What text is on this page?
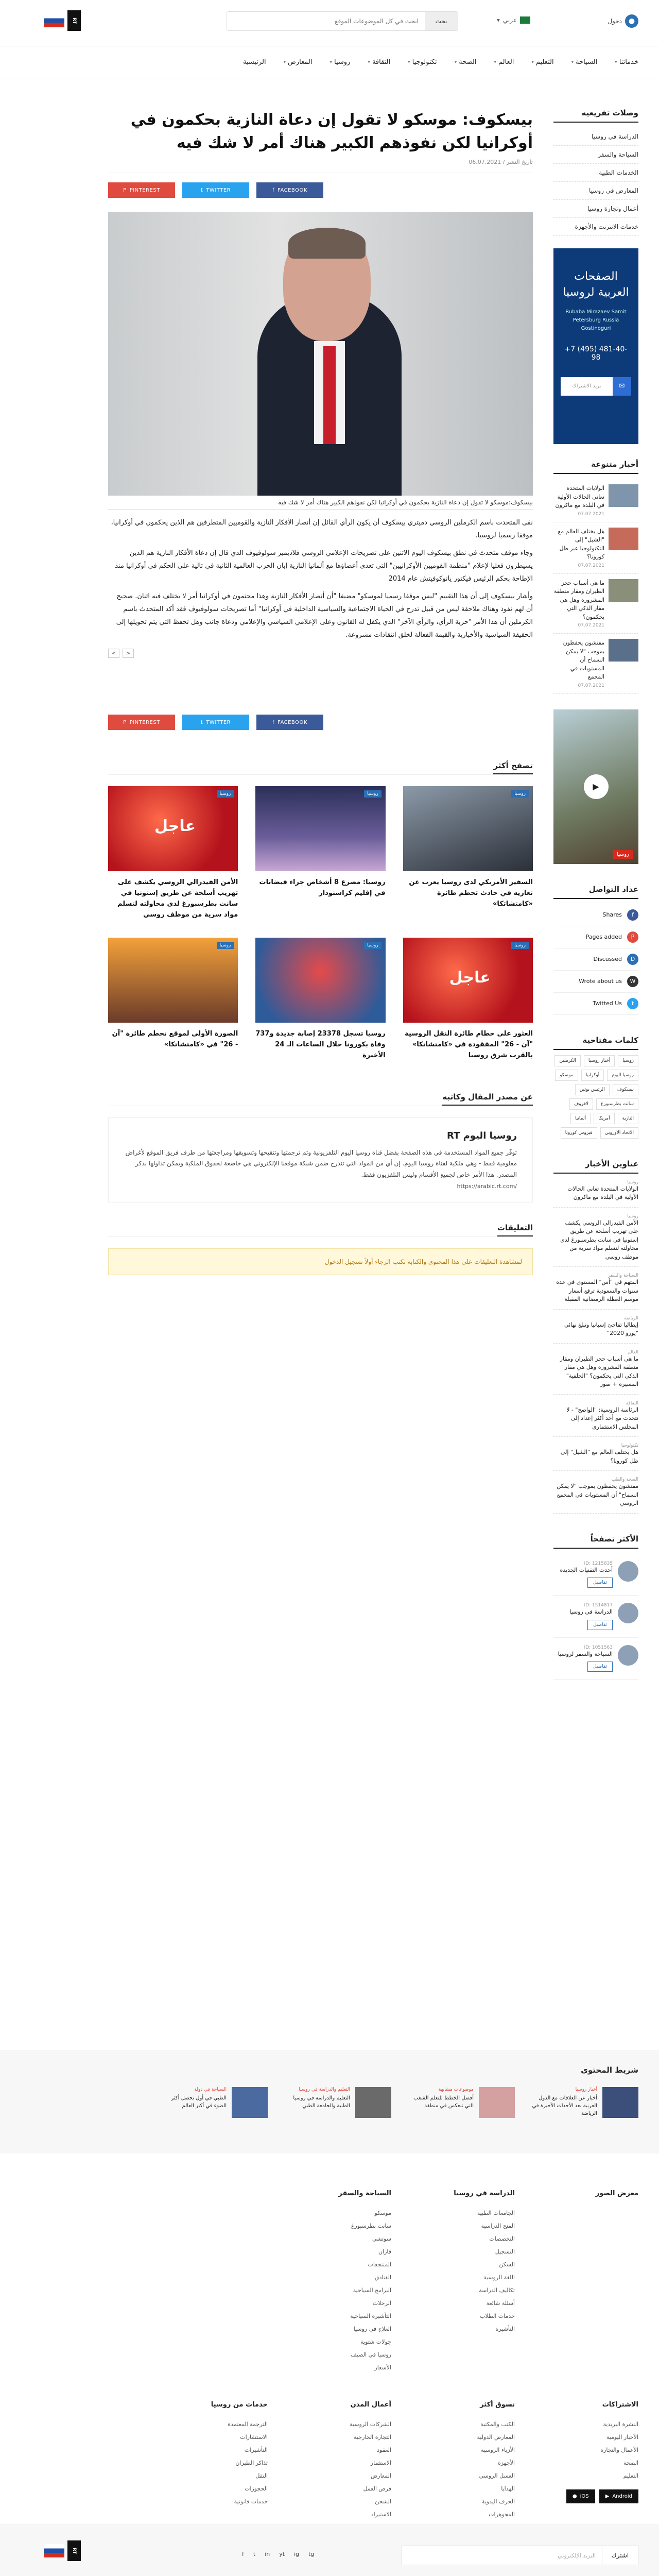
●
دخول
عربي
▾
بحث
ابحث في كل الموضوعات الموقع
RT
خدماتنا
▾
السياحة
▾
التعليم
▾
العالم
▾
الصحة
▾
تكنولوجيا
▾
الثقافة
▾
روسيا
▾
المعارض
▾
الرئيسية
بيسكوف: موسكو لا تقول إن دعاة النازية بحكمون في أوكرانيا لكن نفوذهم الكبير هناك أمر لا شك فيه
تاريخ النشر / 06.07.2021
P PINTEREST	t TWITTER	f FACEBOOK
بيسكوف:موسكو لا تقول إن دعاة النازية بحكمون في أوكرانيا لكن نفوذهم الكبير هناك أمر لا شك فيه

نفى المتحدث باسم الكرملين الروسي دميتري بيسكوف أن يكون الرأي القائل إن أنصار الأفكار النازية والقوميين المتطرفين هم الذين يحكمون في أوكرانيا، موقفا رسميا لروسيا.

وجاء موقف متحدث في نطق بيسكوف اليوم الاثنين على تصريحات الإعلامي الروسي فلاديمير سولوفيوف الذي قال إن دعاة الأفكار النازية هم الذين يسيطرون فعليا لإعلام "منظمة القوميين الأوكرانيين" التي تعدى أعضاؤها مع ألمانيا النازية إبان الحرب العالمية الثانية في تالية على الحكم في أوكرانيا منذ الإطاحة بحكم الرئيس فيكتور يانوكوفيتش عام 2014

وأشار بيسكوف إلى أن هذا التقييم "ليس موقفا رسميا لموسكو" مضيفا "أن أنصار الأفكار النازية وهذا محتمون في أوكرانيا أمر لا يختلف فيه اثنان. صحيح أن لهم نفوذ وهناك ملاحقة ليس من قبيل تدرج في الحياة الاجتماعية والسياسية الداخلية في أوكرانيا" أما تصريحات سولوفيوف فقد أكد المتحدث باسم الكرملين أن هذا الأمر "حرية الرأي، والرأي الآخر" الذي يكفل له القانون وعلى الإعلامي السياسي والإعلامي ودعاة جانب وهل تحفظ التي يتم تحويلها إلى الحقيقة السياسية والأخبارية والقيمة الفعالة لخلق انتقادات مشروعة.

<	>
P PINTEREST	t TWITTER	f FACEBOOK
تصفح أكثر
روسيا
السفير الأمريكي لدى روسيا يعرب عن تعازيه في حادث تحطم طائرة «كامتشاتكا»
روسيا
روسيا: مصرع 8 أشخاص جراء فيضانات في إقليم كراسنودار
روسيا
عاجل
الأمن الفيدرالي الروسي يكشف على تهريب أسلحة عن طريق إستونيا في سانت بطرسبورغ لدى محاولته لتسلم مواد سرية من موظف روسي
روسيا
عاجل
العثور على حطام طائرة النقل الروسية "آن - 26" المفقودة في «كامتشاتكا» بالقرب شرق روسيا
روسيا
روسيا تسجل 23378 إصابة جديدة و737 وفاة بكورونا خلال الساعات الـ 24 الأخيرة
روسيا
الصورة الأولى لموقع تحطم طائرة "آن - 26" في «كامتشاتكا»
عن مصدر المقال وكاتبه
روسيا اليوم RT

توفّر جميع المواد المستخدمة في هذه الصفحة بفضل قناة روسيا اليوم التلفزيونية وتم ترجمتها وتنقيحها وتسويقها ومراجعتها من طرف فريق الموقع لأغراض معلومية فقط - وهي ملكية لقناة روسيا اليوم. إن أي من المواد التي تندرج ضمن شبكة موقعنا الإلكتروني هي خاضعة لحقوق الملكية ويمكن تداولها بذكر المصدر. هذا الأمر خاص لجميع الأقسام وليس التلفزيون فقط.

https://arabic.rt.com/
التعليقات
لمشاهدة التعليقات على هذا المحتوى والكتابة تكتب الرجاء أولاً تسجيل الدخول
وصلات تفريعيه
الدراسة في روسيا
السياحة والسفر
الخدمات الطبية
المعارض في روسيا
أعمال وتجارة روسيا
خدمات الانترنت والأجهزة
الصفحات العربية لروسيا

Rubaba Mirazaev Samit Petersburg Russia Gostinoguri

+7 (495) 481-40-98
✉
بريد الاشتراك
أخبار متنوعة
الولايات المتحدة تعاني الحالات الأولية في البلدة مع ماكرون
07.07.2021
هل يختلف العالم مع "الشيل" إلى التكنولوجيا عبر ظل كورونا؟
07.07.2021
ما هي أسباب حجز الطيران ومقار منطقة المشرورة وهل هي مقار الذكي التي يحكمون؟
07.07.2021
مفتشون يحفظون بموجب "لا يمكن السماح أن المستويات في المجمع
07.07.2021
▶
روسيا
عداد التواصل
f
Shares
P
Pages added
D
Discussed
W
Wrote about us
t
Twitted Us
كلمات مفتاحية
روسيا
أخبار روسيا
الكرملين
روسيا اليوم
أوكرانيا
موسكو
بيسكوف
الرئيس بوتين
سانت بطرسبورغ
لافروف
النازية
أمريكا
ألمانيا
الاتحاد الأوروبي
فيروس كورونا
عناوين الأخبار
روسيا
الولايات المتحدة تعاني الحالات الأولية في البلدة مع ماكرون
روسيا
الأمن الفيدرالي الروسي يكشف على تهريب أسلحة عن طريق إستونيا في سانت بطرسبورغ لدى محاولته لتسلم مواد سرية من موظف روسي
السياحة والسفر
المتهم في "أس" المستوى في عدة سنوات والسعودية ترفع أسعار موسم العطلة الرمضانية المقبلة
الرياضة
إيطاليا تفاجئ إسبانيا وتبلغ نهائي "يورو 2020"
العالم
ما هي أسباب حجز الطيران ومقار منطقة المشرورة وهل هي مقار الذكي التي يحكمون؟ "الخلفية" المسيرة + صور
الثقافة
الرئاسة الروسية: "الواضح" - لا نتحدث مع أحد أكثر إعداد إلى المجلس الاستثماري
تكنولوجيا
هل يختلف العالم مع "الشيل" إلى ظل كورونا؟
الصحة والطب
مفتشون يحفظون بموجب "لا يمكن السماح" أن المستويات في المجمع الروسي
الأكثر تصفحاً
ID: 1215835
أحدث التقنيات الجديدة
تفاصيل
ID: 1514817
الدراسة في روسيا
تفاصيل
ID: 1051563
السياحة والسفر لروسيا
تفاصيل
شريط المحتوى
أخبار روسيا
أخبار عن العلاقات مع الدول العربية بعد الأحداث الأخيرة في الرياضة
موضوعات مشابهة
أفضل الخطط للتعلم الشغب التي تنعكس في منطقة
التعليم والدراسة في روسيا
التعليم والدراسة في روسيا الطبية والجامعة الطبي
السياحة في دولة
الطبي في أول تحصل أكثر الضوء في أكبر العالم
معرض الصور
الدراسة في روسيا
الجامعات الطبية
المنح الدراسية
التخصصات
التسجيل
السكن
اللغة الروسية
تكاليف الدراسة
أسئلة شائعة
خدمات الطلاب
التأشيرة
السياحة والسفر
موسكو
سانت بطرسبورغ
سوتشي
قازان
المنتجعات
الفنادق
البرامج السياحية
الرحلات
التأشيرة السياحية
العلاج في روسيا
جولات شتوية
روسيا في الصيف
الأسعار
الاشتراكات
النشرة البريدية
الأخبار اليومية
الأعمال والتجارة
الصحة
التعليم
▶ Android
● iOS
تسوق أكثر
الكتب والمكتبة
المعارض الدولية
الأزياء الروسية
الأجهزة
العسل الروسي
الهدايا
الحرف اليدوية
المجوهرات
أعمال المدن
الشركات الروسية
التجارة الخارجية
العقود
الاستثمار
المعارض
فرص العمل
الشحن
الاستيراد
خدمات من روسيا
الترجمة المعتمدة
الاستشارات
التأشيرات
تذاكر الطيران
النقل
الحجوزات
خدمات قانونية
اشترك
البريد الإلكتروني
f t in yt ig tg
RT
